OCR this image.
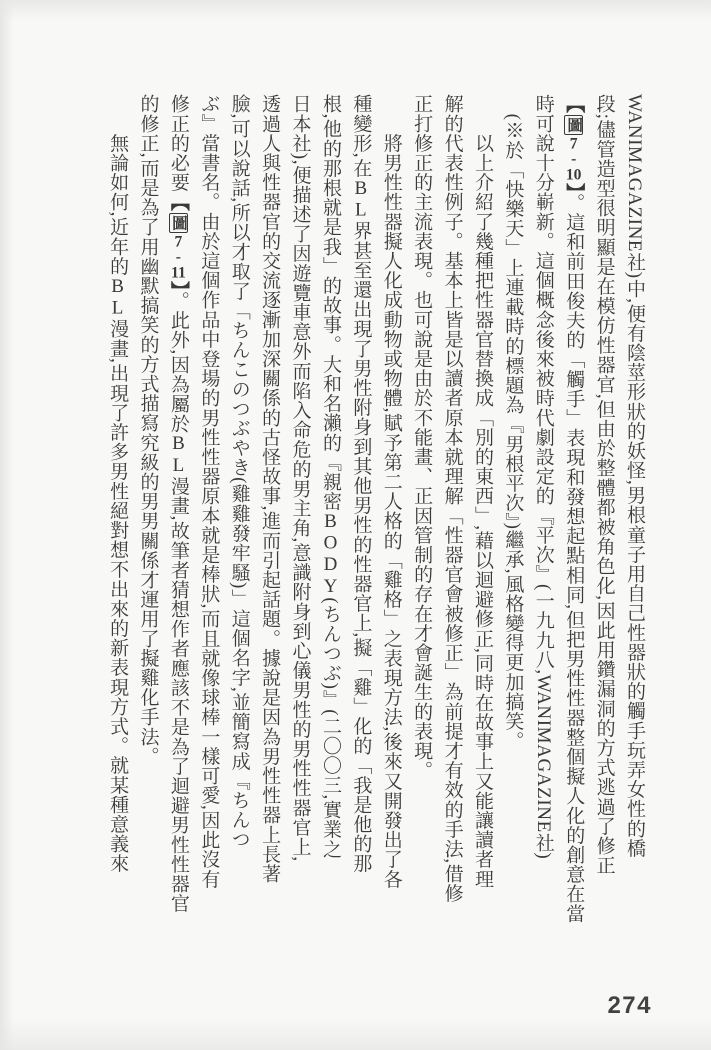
WANIMAGAZINE社)中,便有陰莖形狀的妖怪,男根童子用自己性器狀的觸手玩弄女性的橋
段;儘管造型很明顯是在模仿性器官,但由於整體都被角色化,因此用鑽漏洞的方式逃過了修正
【圖7-10】。這和前田俊夫的「觸手」表現和發想起點相同,但把男性性器整個擬人化的創意在當
時可說十分嶄新。這個概念後來被時代劇設定的『平次』(一九九八,WANIMAGAZINE社)
　(※於「快樂天」上連載時的標題為『男根平次』)繼承,風格變得更加搞笑。
　　以上介紹了幾種把性器官替換成「別的東西」,藉以迴避修正,同時在故事上又能讓讀者理
解的代表性例子。基本上皆是以讀者原本就理解「性器官會被修正」為前提才有效的手法,借修
正打修正的主流表現。也可說是由於不能畫、正因管制的存在才會誕生的表現。
　　將男性性器擬人化成動物或物體,賦予第二人格的「雞格」之表現方法,後來又開發出了各
種變形,在BL界甚至還出現了男性附身到其他男性的性器官上,擬「雞」化的「我是他的那
根,他的那根就是我」的故事。大和名瀨的『親密BODY(ちんつぶ)』(二〇〇三,實業之
日本社),便描述了因遊覽車意外而陷入命危的男主角,意識附身到心儀男性的男性性器官上,
透過人與性器官的交流逐漸加深關係的古怪故事,進而引起話題。據說是因為男性性器上長著
臉,可以說話,所以才取了「ちんこのつぶやき(雞雞發牢騷)」這個名字,並簡寫成『ちんつ
ぶ』當書名。由於這個作品中登場的男性性器原本就是棒狀,而且就像球棒一樣可愛,因此沒有
修正的必要【圖7-11】。此外,因為屬於BL漫畫,故筆者猜想作者應該不是為了迴避男性性器官
的修正,而是為了用幽默搞笑的方式描寫究級的男男關係才運用了擬雞化手法。
　　無論如何,近年的BL漫畫,出現了許多男性絕對想不出來的新表現方式。就某種意義來
274
